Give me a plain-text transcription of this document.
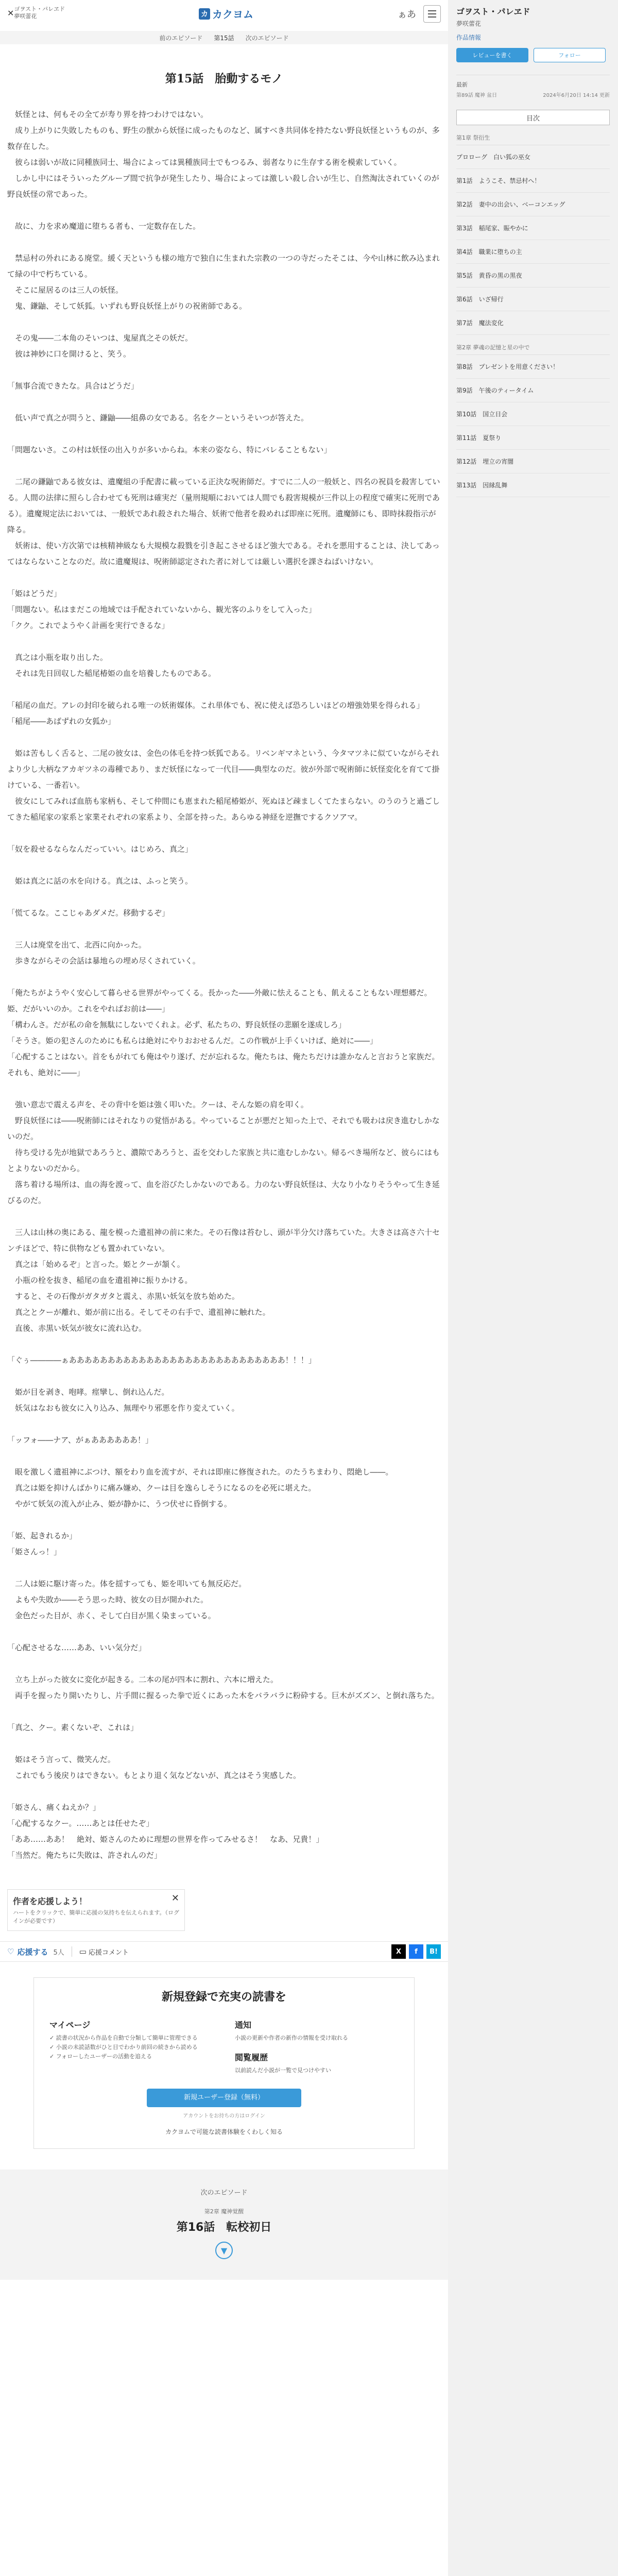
✕ ゴヲスト・パレヱド
夢咲蕾花	カ カクヨム	ぁあ
前のエピソード 第15話 次のエピソード
第15話　胎動するモノ

　妖怪とは、何もその全てが寿り界を持つわけではない。
　成り上がりに失敗したものも、野生の獣から妖怪に成ったものなど、属すべき共同体を持たない野良妖怪というものが、多数存在した。
　彼らは弱いが故に同種族同士、場合によっては異種族同士でもつるみ、弱者なりに生存する術を模索していく。
　しかし中にはそういったグループ間で抗争が発生したり、場合によっては激しい殺し合いが生じ、自然淘汰されていくのが野良妖怪の常であった。

　故に、力を求め魔道に堕ちる者も、一定数存在した。

　禁忌村の外れにある廃堂。緩く天というも様の地方で独自に生まれた宗教の一つの寺だったそこは、今や山林に飲み込まれて緑の中で朽ちている。
　そこに屋居るのは三人の妖怪。
　鬼、鎌鼬、そして妖狐。いずれも野良妖怪上がりの祝術師である。

　その鬼――二本角のそいつは、鬼屋真之その妖だ。
　彼は神妙に口を開けると、笑う。

「無事合流できたな。具合はどうだ」

　低い声で真之が問うと、鎌鼬――組鼻の女である。名をクーというそいつが答えた。

「問題ないさ。この村は妖怪の出入りが多いからね。本来の姿なら、特にバレることもない」

　二尾の鎌鼬である彼女は、遺魔組の手配書に載っている正決な呪術師だ。すでに二人の一般妖と、四名の祝員を殺害している。人間の法律に照らし合わせても死刑は確実だ（量刑規順においては人間でも殺害規模が三件以上の程度で確実に死刑である）。遺魔規定法においては、一般妖であれ殺された場合、妖術で他者を殺めれば即座に死刑。遺魔師にも、即時抹殺指示が降る。
　妖術は、使い方次第では核精神級なも大規模な殺戮を引き起こさせるほど強大である。それを悪用することは、決してあってはならないことなのだ。故に遺魔規は、呪術師認定された者に対しては厳しい選択を課さねばいけない。

「姫はどうだ」
「問題ない。私はまだこの地域では手配されていないから、観光客のふりをして入った」
「クク。これでようやく計画を実行できるな」

　真之は小瓶を取り出した。
　それは先日回収した稲尾椿姫の血を培養したものである。

「稲尾の血だ。アレの封印を破られる唯一の妖術媒体。これ単体でも、祝に使えば恐ろしいほどの増強効果を得られる」
「稲尾――あばずれの女狐か」

　姫は苦もしく舌ると、二尾の彼女は、金色の体毛を持つ妖狐である。リベンギマネという、今タマツネに似ていながらそれより少し大柄なアカギツネの毒種であり、まだ妖怪になって一代目――典型なのだ。彼が外部で呪術師に妖怪変化を育てて掛けている、一番若い。
　彼女にしてみれば血筋も家柄も、そして仲間にも恵まれた稲尾椿姫が、死ぬほど疎ましくてたまらない。のうのうと過ごしてきた稲尾家の家系と家業それぞれの家系より、全部を持った。あらゆる神経を逆撫でするクソアマ。

「奴を殺せるならなんだっていい。はじめろ、真之」

　姫は真之に話の水を向ける。真之は、ふっと笑う。

「慌てるな。ここじゃあダメだ。移動するぞ」

　三人は廃堂を出て、北西に向かった。
　歩きながらその会話は暴地らの埋め尽くされていく。

「俺たちがようやく安心して暮らせる世界がやってくる。長かった――外敵に怯えることも、飢えることもない理想郷だ。姫、だがいいのか。これをやればお前は――」
「構わんさ。だが私の命を無駄にしないでくれよ。必ず、私たちの、野良妖怪の悲願を遂成しろ」
「そうさ。姫の犯さんのためにも私らは絶対にやりおおせるんだ。この作戦が上手くいけば、絶対に――」
「心配することはない。首をもがれても俺はやり遂げ、だが忘れるな。俺たちは、俺たちだけは誰かなんと言おうと家族だ。それも、絶対に――」

　強い意志で震える声を、その背中を姫は強く叩いた。クーは、そんな姫の肩を叩く。
　野良妖怪には――呪術師にはそれなりの覚悟がある。やっていることが悪だと知った上で、それでも吸わは戻き進むしかないのだ。
　待ち受ける先が地獄であろうと、濃隙であろうと、盃を交わした家族と共に進むしかない。帰るべき場所など、彼らにはもとよりないのだから。
　落ち着ける場所は、血の海を渡って、血を浴びたしかないのである。力のない野良妖怪は、大なり小なりそうやって生き延びるのだ。

　三人は山林の奥にある、龍を模った遺祖神の前に来た。その石像は苔むし、頭が半分欠け落ちていた。大きさは高さ六十センチほどで、特に供物なども置かれていない。
　真之は「始めるぞ」と言った。姫とクーが頷く。
　小瓶の栓を抜き、稲尾の血を遺祖神に振りかける。
　すると、その石像がガタガタと震え、赤黒い妖気を放ち始めた。
　真之とクーが離れ、姫が前に出る。そしてその右手で、遺祖神に触れた。
　直後、赤黒い妖気が彼女に流れ込む。

「ぐぅ――――ぁああああああああああああああああああああああああああああ！！！」

　姫が目を剥き、咆哮。痙攣し、倒れ込んだ。
　妖気はなおも彼女に入り込み、無理やり邪悪を作り変えていく。

「ッフォ――ナア、がぁああああああ！」

　眼を激しく遺祖神にぶつけ、額をわり血を流すが、それは即座に修復された。のたうちまわり、悶絶し――。
　真之は姫を抑けんばかりに痛み嫌め、クーは目を逸らしそうになるのを必死に堪えた。
　やがて妖気の流入が止み、姫が静かに、うつ伏せに昏倒する。

「姫、起きれるか」
「姫さんっ！」

　二人は姫に駆け寄った。体を揺すっても、姫を叩いても無反応だ。
　よもや失敗か――そう思った時、彼女の目が開かれた。
　金色だった目が、赤く、そして白目が黒く染まっている。

「心配させるな……ああ、いい気分だ」

　立ち上がった彼女に変化が起きる。二本の尾が四本に割れ、六本に増えた。
　両手を握ったり開いたりし、片手間に握るった拳で近くにあった木をバラバラに粉砕する。巨木がズズン、と倒れ落ちた。

「真之、クー。素くないぞ、これは」

　姫はそう言って、微笑んだ。
　これでもう後戻りはできない。もとより退く気などないが、真之はそう実感した。

「姫さん、痛くねえか？」
「心配するなクー。……あとは任せたぞ」
「ああ……ああ！　絶対、姫さんのために理想の世界を作ってみせるさ！　なあ、兄貴！」
「当然だ。俺たちに失敗は、許されんのだ」

作者を応援しよう！
ハートをクリックで、簡単に応援の気持ちを伝えられます。（ログインが必要です）
✕
♡ 応援する 5人 ▭ 応援コメント	X	f	B!
新規登録で充実の読書を
マイページ
✓ 読書の状況から作品を自動で分類して簡単に管理できる
✓ 小説の未読話数がひと目でわかり前回の続きから読める
✓ フォローしたユーザーの活動を追える
通知

小説の更新や作者の新作の情報を受け取れる

閲覧履歴

以前読んだ小説が一覧で見つけやすい

新規ユーザー登録（無料）
アカウントをお持ちの方はログイン
カクヨムで可能な読書体験をくわしく知る
次のエピソード
第2章 魔神覚醒
第16話　転校初日
▼
ゴヲスト・パレヱド
夢咲蕾花
作品情報
レビューを書く	フォロー
最新
第89話 魔神 盆日	2024年6月20日 14:14 更新
目次
第1章 祭衍生
プロローグ　白い狐の巫女
第1話　ようこそ、禁忌村へ！
第2話　妻中の出会い、ベーコンエッグ
第3話　稲尾家、賑やかに
第4話　職業に堕ちの主
第5話　黄昏の黒の黒夜
第6話　いざ帰行
第7話　魔法変化
第2章 夢魂の記憶と星の中で
第8話　プレゼントを用意ください！
第9話　午後のティータイム
第10話　国立日会
第11話　夏祭り
第12話　埋立の宵闇
第13話　因縁乱舞
